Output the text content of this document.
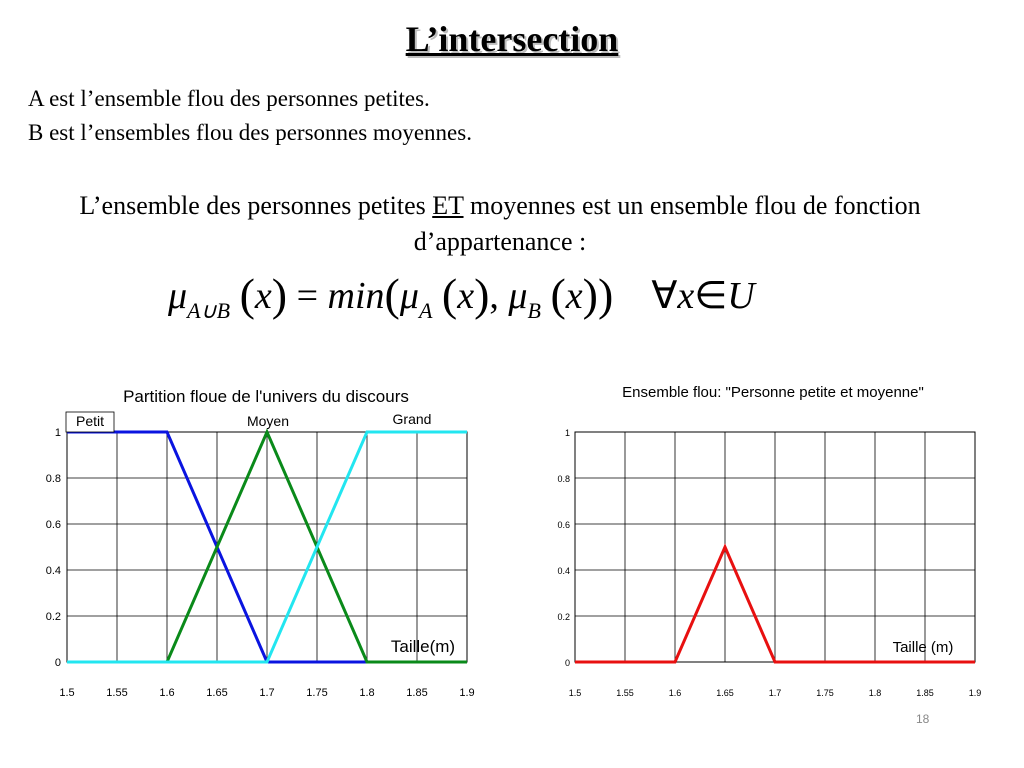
L’intersection
A est l’ensemble flou des personnes petites.
B est l’ensembles flou des personnes moyennes.
L’ensemble des personnes petites ET moyennes est un ensemble flou de fonction d’appartenance :
$\mu_{A\cup B}$ $(x) = \min(\mu_A$ (x), $\mu_B$ (x)) ∀x∈U
1.5	1.55	1.6	1.65	1.7	1.75	1.8	1.85	1.9
0
0.2
0.4
0.6
0.8
1
Petit	Moyen	Grand
Partition floue de l'univers du discours
Taille(m)
1.5	1.55	1.6	1.65	1.7	1.75	1.8	1.85	1.9
0
0.2
0.4
0.6
0.8
1
Ensemble flou: "Personne petite et moyenne"
Taille (m)
18
